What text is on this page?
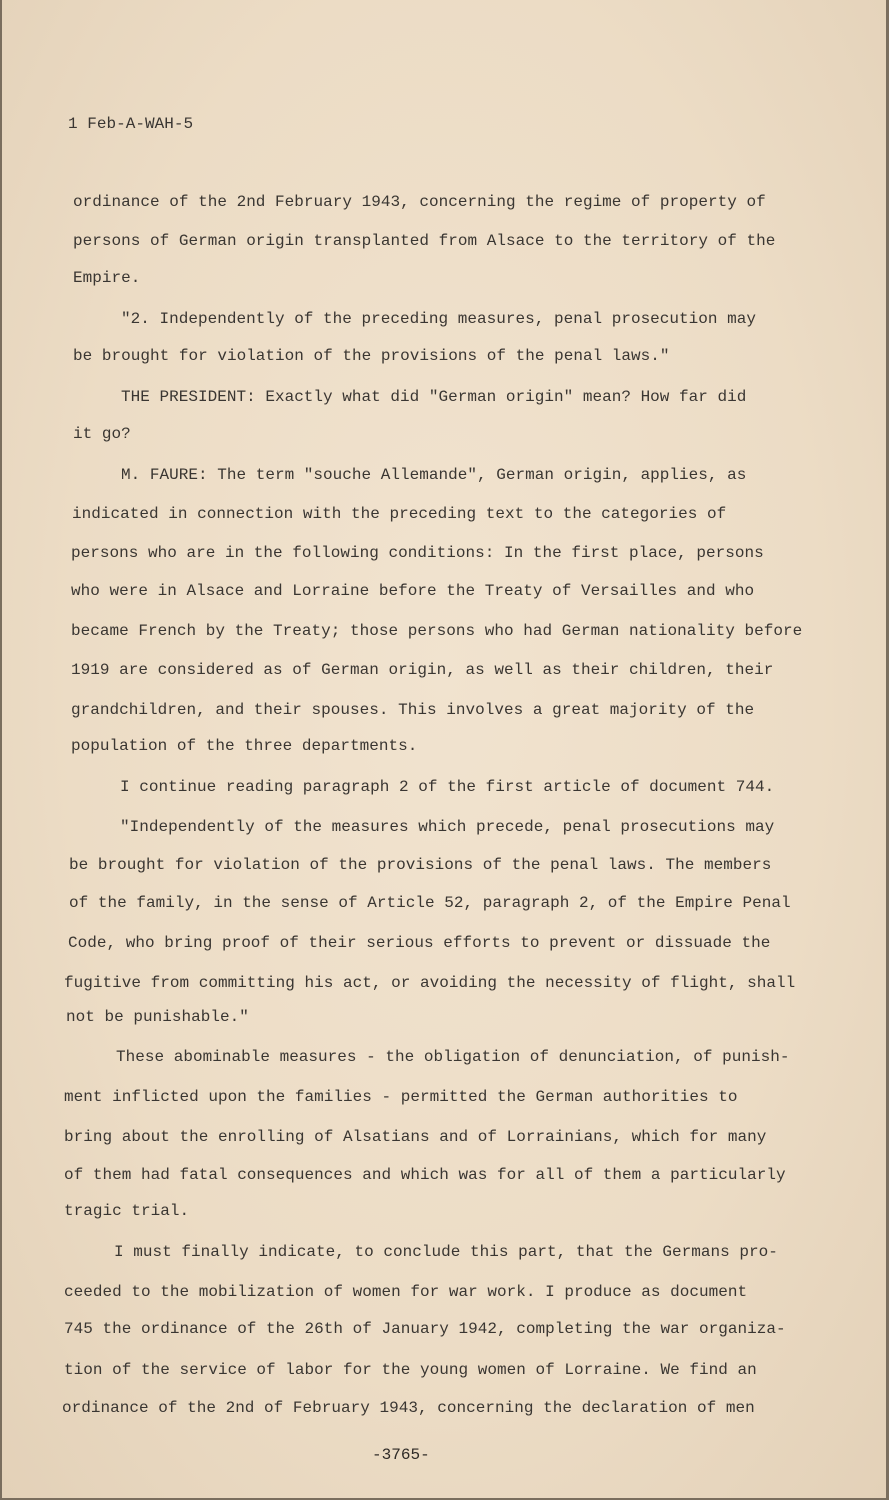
1 Feb-A-WAH-5
ordinance of the 2nd February 1943, concerning the regime of property of
persons of German origin transplanted from Alsace to the territory of the
Empire.
"2. Independently of the preceding measures, penal prosecution may
be brought for violation of the provisions of the penal laws."
THE PRESIDENT: Exactly what did "German origin" mean? How far did
it go?
M. FAURE: The term "souche Allemande", German origin, applies, as
indicated in connection with the preceding text to the categories of
persons who are in the following conditions: In the first place, persons
who were in Alsace and Lorraine before the Treaty of Versailles and who
became French by the Treaty; those persons who had German nationality before
1919 are considered as of German origin, as well as their children, their
grandchildren, and their spouses. This involves a great majority of the
population of the three departments.
I continue reading paragraph 2 of the first article of document 744.
"Independently of the measures which precede, penal prosecutions may
be brought for violation of the provisions of the penal laws. The members
of the family, in the sense of Article 52, paragraph 2, of the Empire Penal
Code, who bring proof of their serious efforts to prevent or dissuade the
fugitive from committing his act, or avoiding the necessity of flight, shall
not be punishable."
These abominable measures - the obligation of denunciation, of punish-
ment inflicted upon the families - permitted the German authorities to
bring about the enrolling of Alsatians and of Lorrainians, which for many
of them had fatal consequences and which was for all of them a particularly
tragic trial.
I must finally indicate, to conclude this part, that the Germans pro-
ceeded to the mobilization of women for war work. I produce as document
745 the ordinance of the 26th of January 1942, completing the war organiza-
tion of the service of labor for the young women of Lorraine. We find an
ordinance of the 2nd of February 1943, concerning the declaration of men
-3765-
